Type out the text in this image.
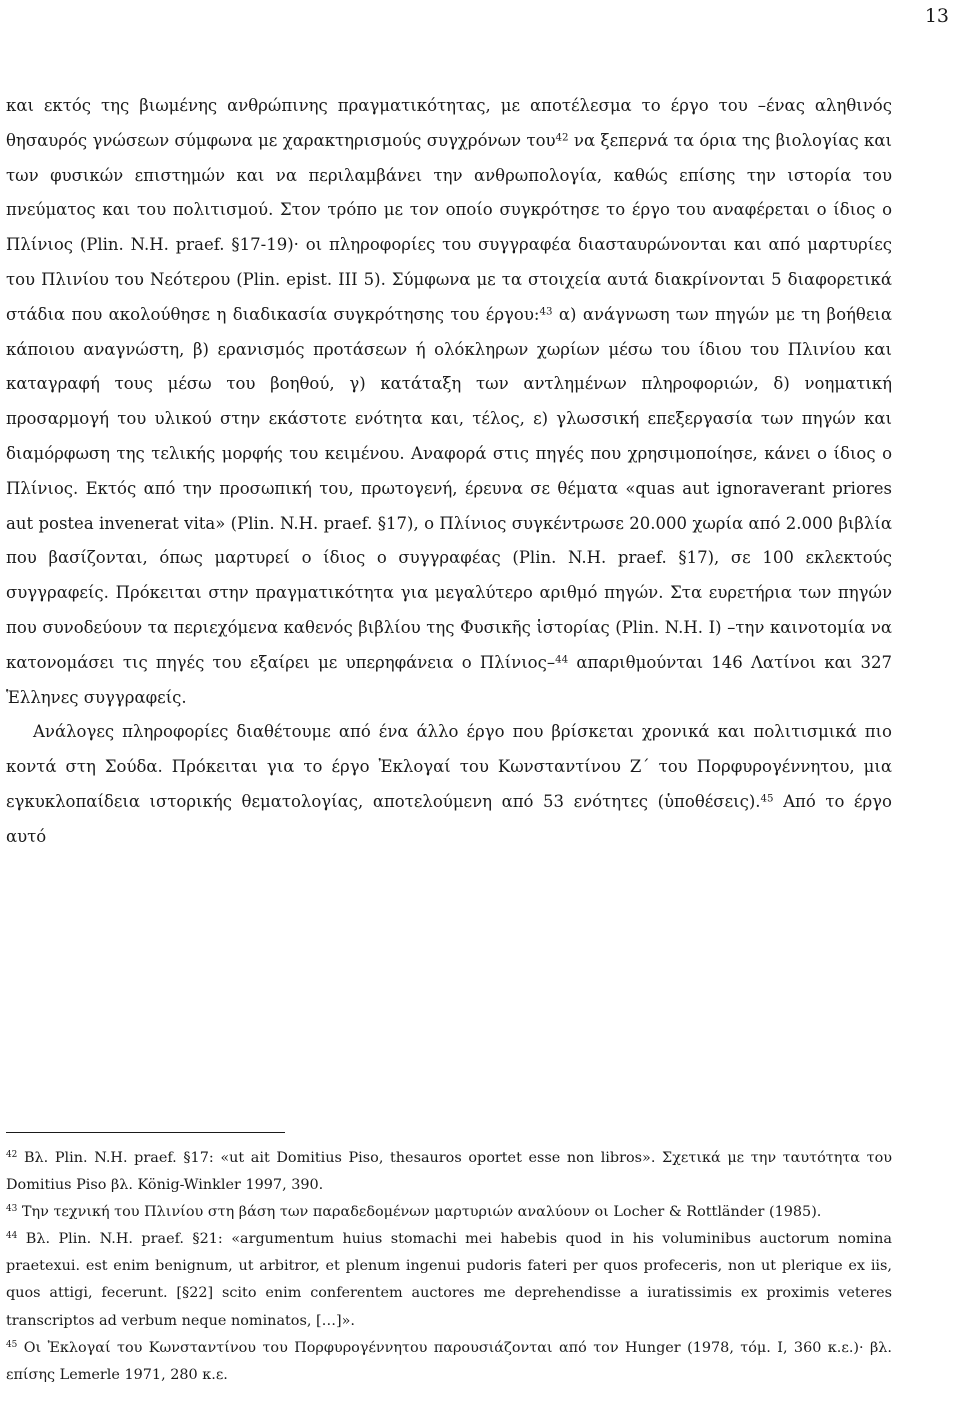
13

και εκτός της βιωμένης ανθρώπινης πραγματικότητας, με αποτέλεσμα το έργο του –ένας αληθινός θησαυρός γνώσεων σύμφωνα με χαρακτηρισμούς συγχρόνων του$^{42}$ να ξεπερνά τα όρια της βιολογίας και των φυσικών επιστημών και να περιλαμβάνει την ανθρωπολογία, καθώς επίσης την ιστορία του πνεύματος και του πολιτισμού. Στον τρόπο με τον οποίο συγκρότησε το έργο του αναφέρεται ο ίδιος ο Πλίνιος (Plin. N.H. praef. §17-19)· οι πληροφορίες του συγγραφέα διασταυρώνονται και από μαρτυρίες του Πλινίου του Νεότερου (Plin. epist. III 5). Σύμφωνα με τα στοιχεία αυτά διακρίνονται 5 διαφορετικά στάδια που ακολούθησε η διαδικασία συγκρότησης του έργου:$^{43}$ α) ανάγνωση των πηγών με τη βοήθεια κάποιου αναγνώστη, β) ερανισμός προτάσεων ή ολόκληρων χωρίων μέσω του ίδιου του Πλινίου και καταγραφή τους μέσω του βοηθού, γ) κατάταξη των αντλημένων πληροφοριών, δ) νοηματική προσαρμογή του υλικού στην εκάστοτε ενότητα και, τέλος, ε) γλωσσική επεξεργασία των πηγών και διαμόρφωση της τελικής μορφής του κειμένου. Αναφορά στις πηγές που χρησιμοποίησε, κάνει ο ίδιος ο Πλίνιος. Εκτός από την προσωπική του, πρωτογενή, έρευνα σε θέματα «quas aut ignoraverant priores aut postea invenerat vita» (Plin. N.H. praef. §17), ο Πλίνιος συγκέντρωσε 20.000 χωρία από 2.000 βιβλία που βασίζονται, όπως μαρτυρεί ο ίδιος ο συγγραφέας (Plin. N.H. praef. §17), σε 100 εκλεκτούς συγγραφείς. Πρόκειται στην πραγματικότητα για μεγαλύτερο αριθμό πηγών. Στα ευρετήρια των πηγών που συνοδεύουν τα περιεχόμενα καθενός βιβλίου της Φυσικῆς ἱστορίας (Plin. N.H. I) –την καινοτομία να κατονομάσει τις πηγές του εξαίρει με υπερηφάνεια ο Πλίνιος–$^{44}$ απαριθμούνται 146 Λατίνοι και 327 Ἑλληνες συγγραφείς.

Ανάλογες πληροφορίες διαθέτουμε από ένα άλλο έργο που βρίσκεται χρονικά και πολιτισμικά πιο κοντά στη Σούδα. Πρόκειται για το έργο Ἐκλογαί του Κωνσταντίνου Ζ΄ του Πορφυρογέννητου, μια εγκυκλοπαίδεια ιστορικής θεματολογίας, αποτελούμενη από 53 ενότητες (ὑποθέσεις).$^{45}$ Από το έργο αυτό

$^{42}$ Βλ. Plin. N.H. praef. §17: «ut ait Domitius Piso, thesauros oportet esse non libros». Σχετικά με την ταυτότητα του Domitius Piso βλ. König-Winkler 1997, 390.

$^{43}$ Την τεχνική του Πλινίου στη βάση των παραδεδομένων μαρτυριών αναλύουν οι Locher & Rottländer (1985).

$^{44}$ Βλ. Plin. N.H. praef. §21: «argumentum huius stomachi mei habebis quod in his voluminibus auctorum nomina praetexui. est enim benignum, ut arbitror, et plenum ingenui pudoris fateri per quos profeceris, non ut plerique ex iis, quos attigi, fecerunt. [§22] scito enim conferentem auctores me deprehendisse a iuratissimis ex proximis veteres transcriptos ad verbum neque nominatos, […]».

$^{45}$ Οι Ἐκλογαί του Κωνσταντίνου του Πορφυρογέννητου παρουσιάζονται από τον Hunger (1978, τόμ. I, 360 κ.ε.)· βλ. επίσης Lemerle 1971, 280 κ.ε.
